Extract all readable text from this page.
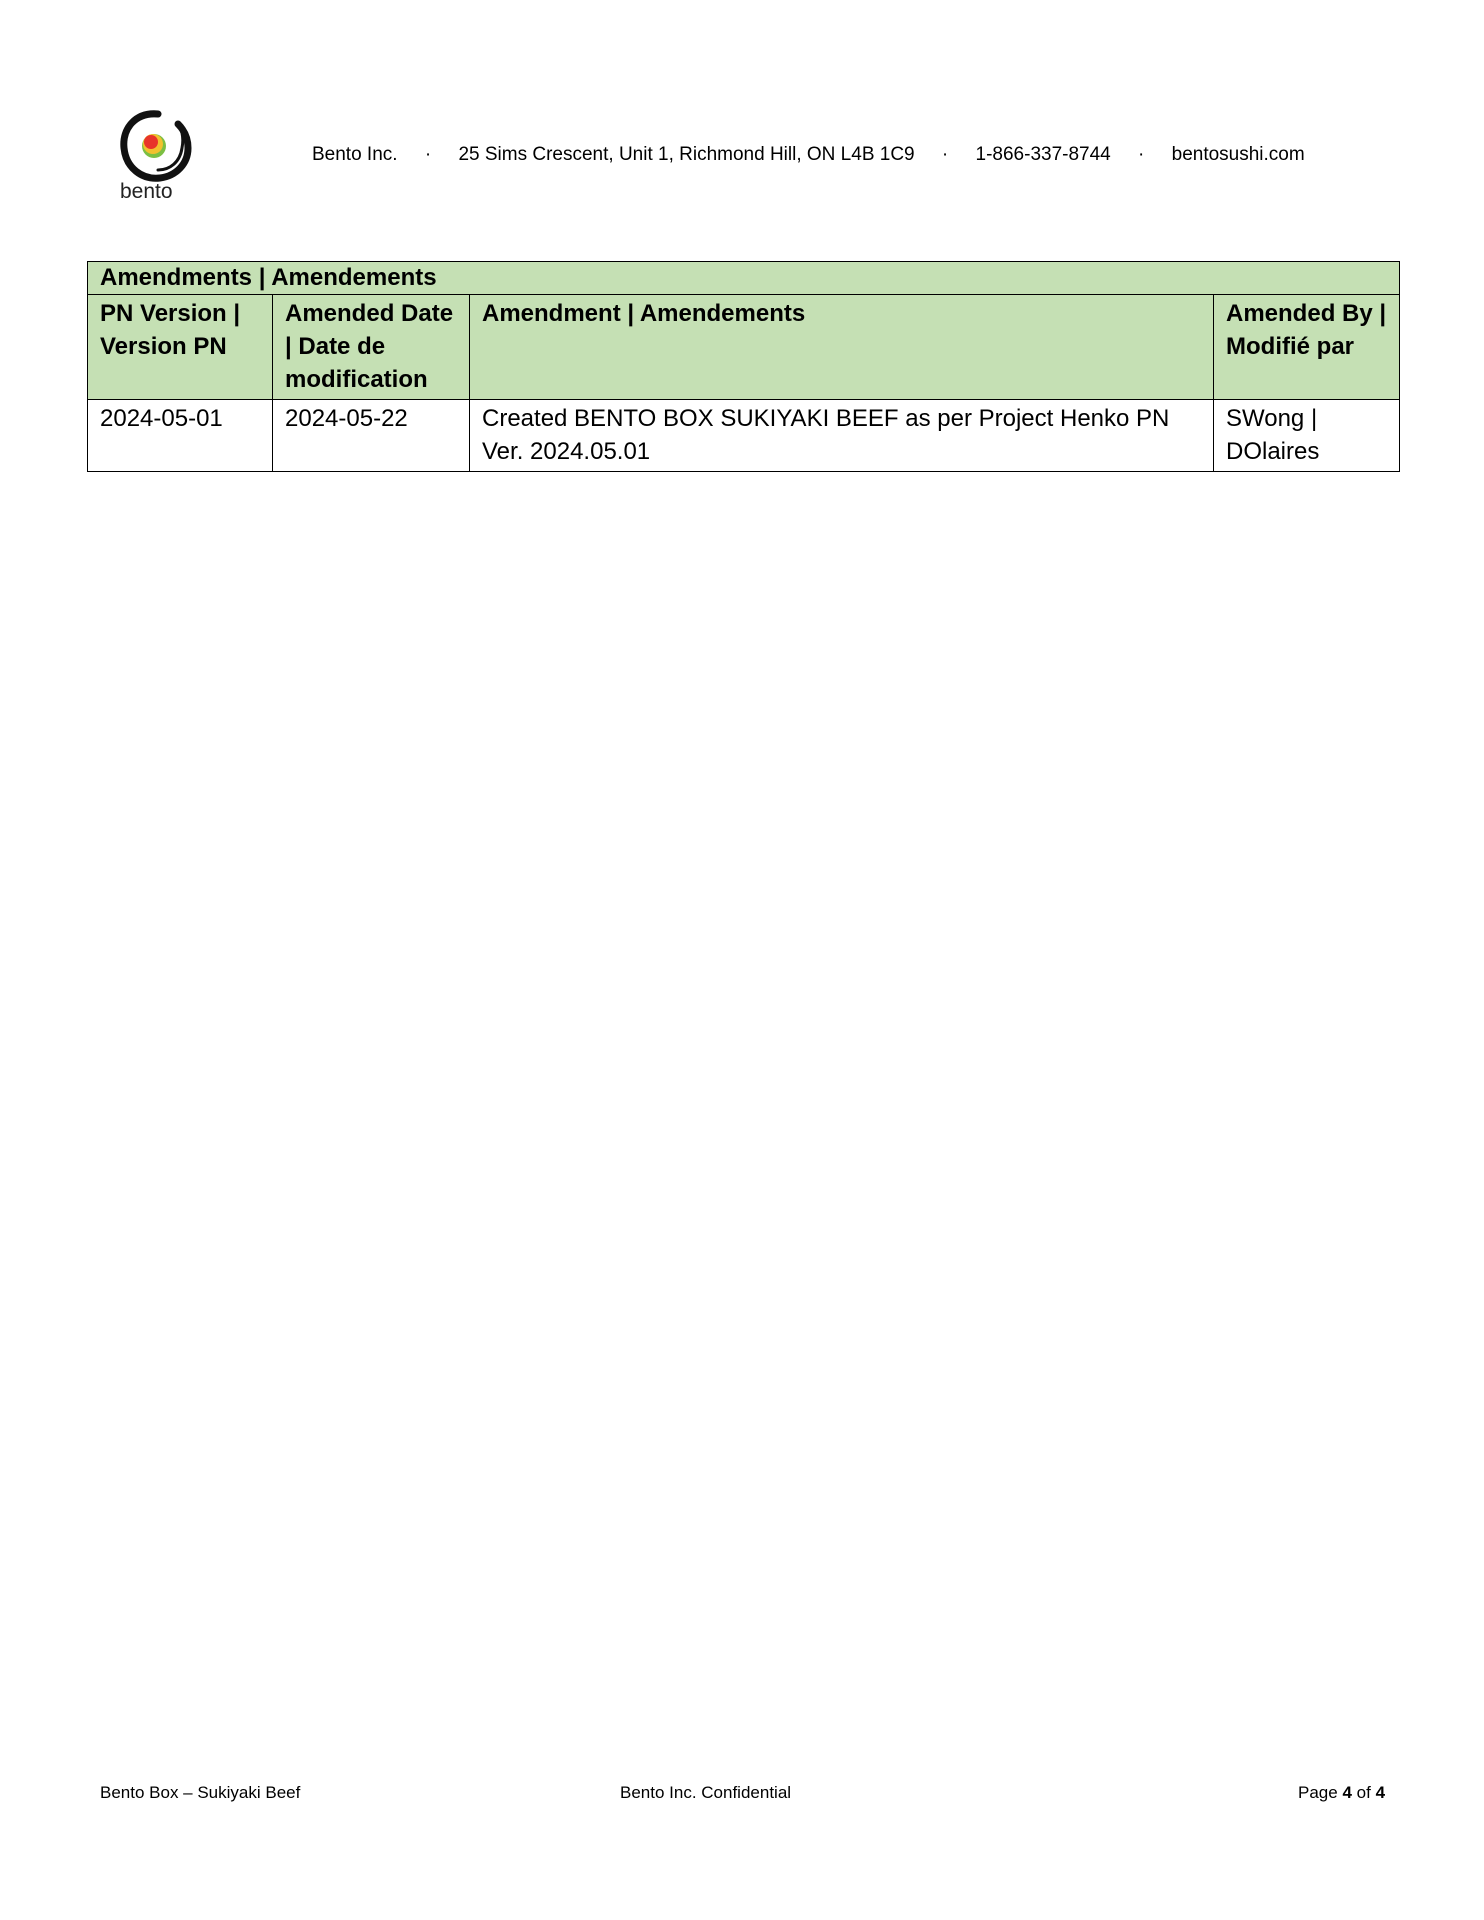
bento
Bento Inc. · 25 Sims Crescent, Unit 1, Richmond Hill, ON L4B 1C9 · 1-866-337-8744 · bentosushi.com
Amendments | Amendements			
PN Version | Version PN	Amended Date | Date de modification	Amendment | Amendements	Amended By | Modifié par
2024-05-01	2024-05-22	Created BENTO BOX SUKIYAKI BEEF as per Project Henko PN Ver. 2024.05.01	SWong | DOlaires
Bento Box – Sukiyaki Beef	Bento Inc. Confidential	Page 4 of 4
